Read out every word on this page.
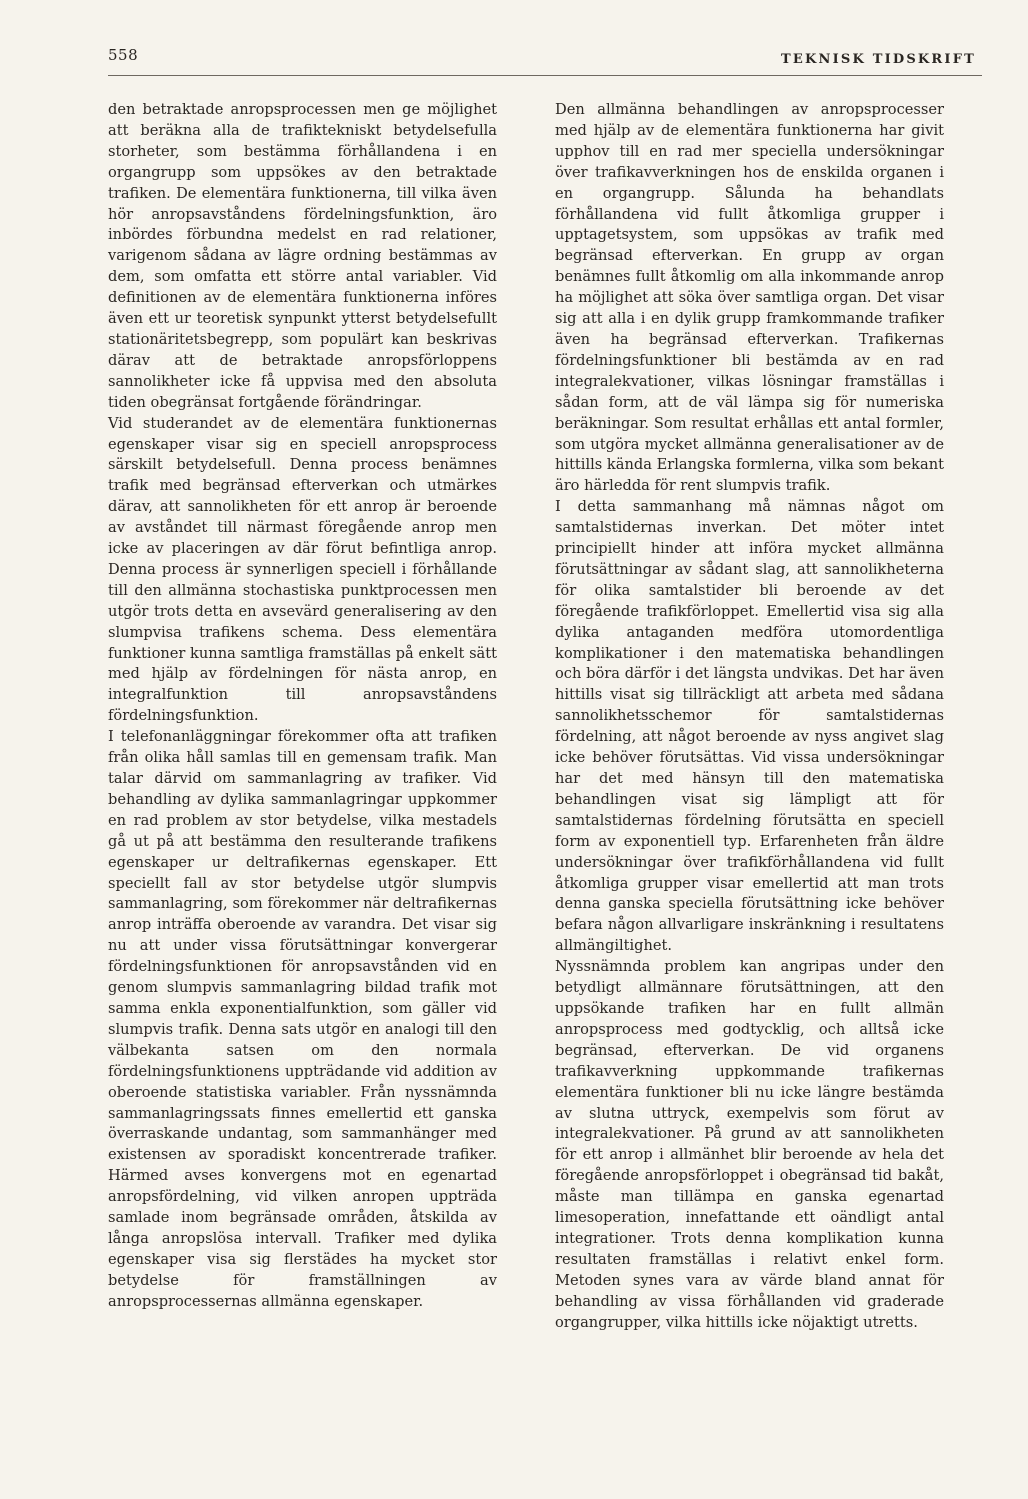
558	TEKNISK TIDSKRIFT

den betraktade anropsprocessen men ge möjlighet att beräkna alla de trafiktekniskt betydelsefulla storheter, som bestämma förhållandena i en organgrupp som uppsökes av den betraktade trafiken. De elementära funktionerna, till vilka även hör anropsavståndens fördelningsfunktion, äro inbördes förbundna medelst en rad relationer, varigenom sådana av lägre ordning bestämmas av dem, som omfatta ett större antal variabler. Vid definitionen av de elementära funktionerna införes även ett ur teoretisk synpunkt ytterst betydelsefullt stationäritetsbegrepp, som populärt kan beskrivas därav att de betraktade anropsförloppens sannolikheter icke få uppvisa med den absoluta tiden obegränsat fortgående förändringar.

Vid studerandet av de elementära funktionernas egenskaper visar sig en speciell anropsprocess särskilt betydelsefull. Denna process benämnes trafik med begränsad efterverkan och utmärkes därav, att sannolikheten för ett anrop är beroende av avståndet till närmast föregående anrop men icke av placeringen av där förut befintliga anrop. Denna process är synnerligen speciell i förhållande till den allmänna stochastiska punktprocessen men utgör trots detta en avsevärd generalisering av den slumpvisa trafikens schema. Dess elementära funktioner kunna samtliga framställas på enkelt sätt med hjälp av fördelningen för nästa anrop, en integralfunktion till anropsavståndens fördelningsfunktion.

I telefonanläggningar förekommer ofta att trafiken från olika håll samlas till en gemensam trafik. Man talar därvid om sammanlagring av trafiker. Vid behandling av dylika sammanlagringar uppkommer en rad problem av stor betydelse, vilka mestadels gå ut på att bestämma den resulterande trafikens egenskaper ur deltrafikernas egenskaper. Ett speciellt fall av stor betydelse utgör slumpvis sammanlagring, som förekommer när deltrafikernas anrop inträffa oberoende av varandra. Det visar sig nu att under vissa förutsättningar konvergerar fördelningsfunktionen för anropsavstånden vid en genom slumpvis sammanlagring bildad trafik mot samma enkla exponentialfunktion, som gäller vid slumpvis trafik. Denna sats utgör en analogi till den välbekanta satsen om den normala fördelningsfunktionens uppträdande vid addition av oberoende statistiska variabler. Från nyssnämnda sammanlagringssats finnes emellertid ett ganska överraskande undantag, som sammanhänger med existensen av sporadiskt koncentrerade trafiker. Härmed avses konvergens mot en egenartad anropsfördelning, vid vilken anropen uppträda samlade inom begränsade områden, åtskilda av långa anropslösa intervall. Trafiker med dylika egenskaper visa sig flerstädes ha mycket stor betydelse för framställningen av anropsprocessernas allmänna egenskaper.

Den allmänna behandlingen av anropsprocesser med hjälp av de elementära funktionerna har givit upphov till en rad mer speciella undersökningar över trafikavverkningen hos de enskilda organen i en organgrupp. Sålunda ha behandlats förhållandena vid fullt åtkomliga grupper i upptagetsystem, som uppsökas av trafik med begränsad efterverkan. En grupp av organ benämnes fullt åtkomlig om alla inkommande anrop ha möjlighet att söka över samtliga organ. Det visar sig att alla i en dylik grupp framkommande trafiker även ha begränsad efterverkan. Trafikernas fördelningsfunktioner bli bestämda av en rad integralekvationer, vilkas lösningar framställas i sådan form, att de väl lämpa sig för numeriska beräkningar. Som resultat erhållas ett antal formler, som utgöra mycket allmänna generalisationer av de hittills kända Erlangska formlerna, vilka som bekant äro härledda för rent slumpvis trafik.

I detta sammanhang må nämnas något om samtalstidernas inverkan. Det möter intet principiellt hinder att införa mycket allmänna förutsättningar av sådant slag, att sannolikheterna för olika samtalstider bli beroende av det föregående trafikförloppet. Emellertid visa sig alla dylika antaganden medföra utomordentliga komplikationer i den matematiska behandlingen och böra därför i det längsta undvikas. Det har även hittills visat sig tillräckligt att arbeta med sådana sannolikhetsschemor för samtalstidernas fördelning, att något beroende av nyss angivet slag icke behöver förutsättas. Vid vissa undersökningar har det med hänsyn till den matematiska behandlingen visat sig lämpligt att för samtalstidernas fördelning förutsätta en speciell form av exponentiell typ. Erfarenheten från äldre undersökningar över trafikförhållandena vid fullt åtkomliga grupper visar emellertid att man trots denna ganska speciella förutsättning icke behöver befara någon allvarligare inskränkning i resultatens allmängiltighet.

Nyssnämnda problem kan angripas under den betydligt allmännare förutsättningen, att den uppsökande trafiken har en fullt allmän anropsprocess med godtycklig, och alltså icke begränsad, efterverkan. De vid organens trafikavverkning uppkommande trafikernas elementära funktioner bli nu icke längre bestämda av slutna uttryck, exempelvis som förut av integralekvationer. På grund av att sannolikheten för ett anrop i allmänhet blir beroende av hela det föregående anropsförloppet i obegränsad tid bakåt, måste man tillämpa en ganska egenartad limesoperation, innefattande ett oändligt antal integrationer. Trots denna komplikation kunna resultaten framställas i relativt enkel form. Metoden synes vara av värde bland annat för behandling av vissa förhållanden vid graderade organgrupper, vilka hittills icke nöjaktigt utretts.
